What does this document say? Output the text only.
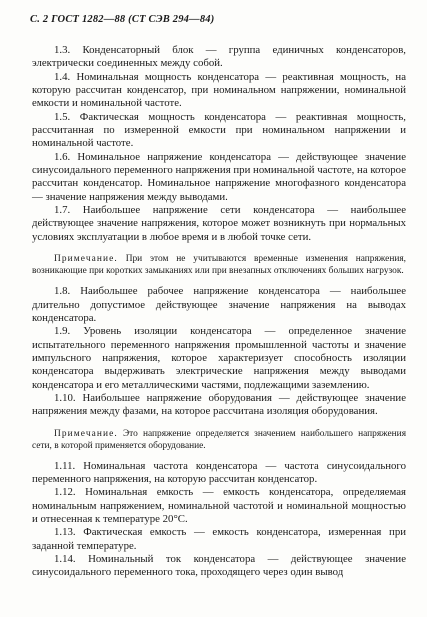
С. 2 ГОСТ 1282—88 (СТ СЭВ 294—84)

1.3. Конденсаторный блок — группа единичных конденсаторов, электрически соединенных между собой.

1.4. Номинальная мощность конденсатора — реактивная мощность, на которую рассчитан конденсатор, при номинальном напряжении, номинальной емкости и номинальной частоте.

1.5. Фактическая мощность конденсатора — реактивная мощность, рассчитанная по измеренной емкости при номинальном напряжении и номинальной частоте.

1.6. Номинальное напряжение конденсатора — действующее значение синусоидального переменного напряжения при номинальной частоте, на которое рассчитан конденсатор. Номинальное напряжение многофазного конденсатора — значение напряжения между выводами.

1.7. Наибольшее напряжение сети конденсатора — наибольшее действующее значение напряжения, которое может возникнуть при нормальных условиях эксплуатации в любое время и в любой точке сети.

Примечание. При этом не учитываются временные изменения напряжения, возникающие при коротких замыканиях или при внезапных отключениях больших нагрузок.

1.8. Наибольшее рабочее напряжение конденсатора — наибольшее длительно допустимое действующее значение напряжения на выводах конденсатора.

1.9. Уровень изоляции конденсатора — определенное значение испытательного переменного напряжения промышленной частоты и значение импульсного напряжения, которое характеризует способность изоляции конденсатора выдерживать электрические напряжения между выводами конденсатора и его металлическими частями, подлежащими заземлению.

1.10. Наибольшее напряжение оборудования — действующее значение напряжения между фазами, на которое рассчитана изоляция оборудования.

Примечание. Это напряжение определяется значением наибольшего напряжения сети, в которой применяется оборудование.

1.11. Номинальная частота конденсатора — частота синусоидального переменного напряжения, на которую рассчитан конденсатор.

1.12. Номинальная емкость — емкость конденсатора, определяемая номинальным напряжением, номинальной частотой и номинальной мощностью и отнесенная к температуре 20°С.

1.13. Фактическая емкость — емкость конденсатора, измеренная при заданной температуре.

1.14. Номинальный ток конденсатора — действующее значение синусоидального переменного тока, проходящего через один вывод
